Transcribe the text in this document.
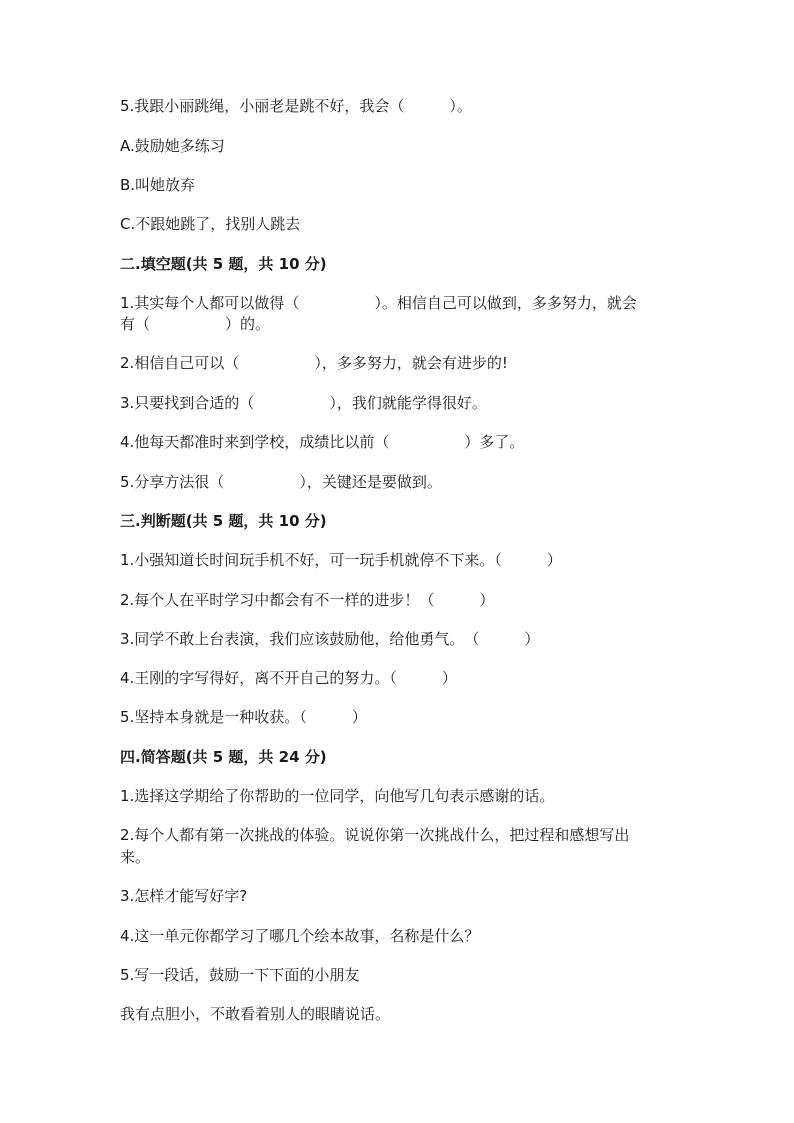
5.我跟小丽跳绳，小丽老是跳不好，我会（　　　）。
A.鼓励她多练习
B.叫她放弃
C.不跟她跳了，找别人跳去
二.填空题(共 5 题，共 10 分)
1.其实每个人都可以做得（　　　　　）。相信自己可以做到，多多努力，就会
有（　　　　　）的。
2.相信自己可以（　　　　　），多多努力，就会有进步的!
3.只要找到合适的（　　　　　），我们就能学得很好。
4.他每天都准时来到学校，成绩比以前（　　　　　）多了。
5.分享方法很（　　　　　），关键还是要做到。
三.判断题(共 5 题，共 10 分)
1.小强知道长时间玩手机不好，可一玩手机就停不下来。（　　　）
2.每个人在平时学习中都会有不一样的进步！（　　　）
3.同学不敢上台表演，我们应该鼓励他，给他勇气。　（　　　）
4.王刚的字写得好，离不开自己的努力。（　　　）
5.坚持本身就是一种收获。（　　　）
四.简答题(共 5 题，共 24 分)
1.选择这学期给了你帮助的一位同学，向他写几句表示感谢的话。
2.每个人都有第一次挑战的体验。说说你第一次挑战什么，把过程和感想写出
来。
3.怎样才能写好字?
4.这一单元你都学习了哪几个绘本故事，名称是什么？
5.写一段话，鼓励一下下面的小朋友
我有点胆小，不敢看着别人的眼睛说话。
